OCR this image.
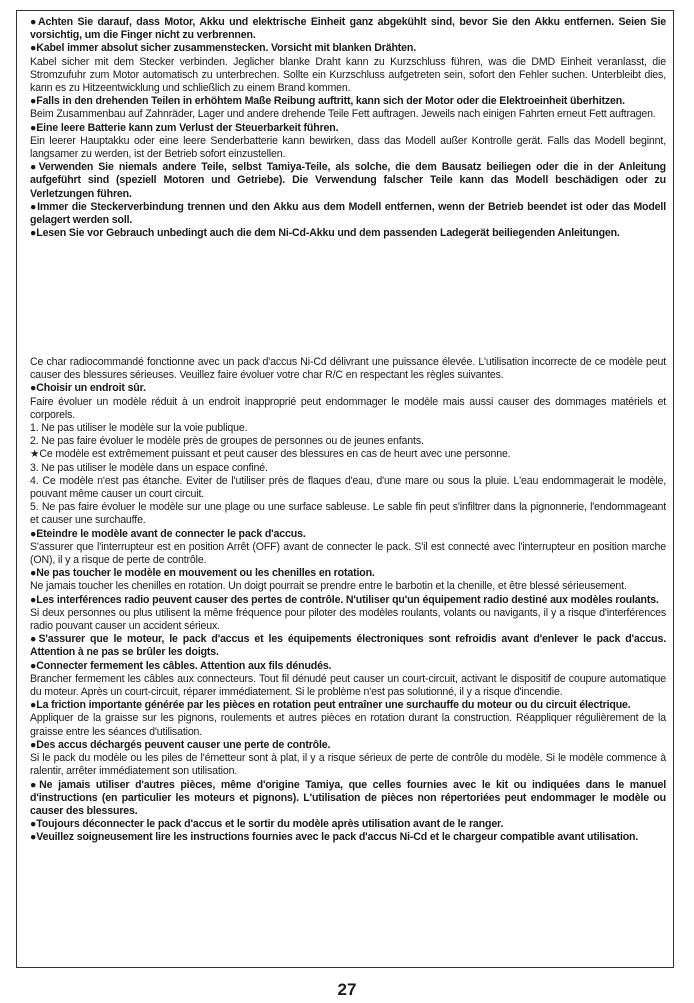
●Achten Sie darauf, dass Motor, Akku und elektrische Einheit ganz abgekühlt sind, bevor Sie den Akku entfernen. Seien Sie vorsichtig, um die Finger nicht zu verbrennen.

●Kabel immer absolut sicher zusammenstecken. Vorsicht mit blanken Drähten.

Kabel sicher mit dem Stecker verbinden. Jeglicher blanke Draht kann zu Kurzschluss führen, was die DMD Einheit veranlasst, die Stromzufuhr zum Motor automatisch zu unterbrechen. Sollte ein Kurzschluss aufgetreten sein, sofort den Fehler suchen. Unterbleibt dies, kann es zu Hitzeentwicklung und schließlich zu einem Brand kommen.

●Falls in den drehenden Teilen in erhöhtem Maße Reibung auftritt, kann sich der Motor oder die Elektroeinheit überhitzen.

Beim Zusammenbau auf Zahnräder, Lager und andere drehende Teile Fett auftragen. Jeweils nach einigen Fahrten erneut Fett auftragen.

●Eine leere Batterie kann zum Verlust der Steuerbarkeit führen.

Ein leerer Hauptakku oder eine leere Senderbatterie kann bewirken, dass das Modell außer Kontrolle gerät. Falls das Modell beginnt, langsamer zu werden, ist der Betrieb sofort einzustellen.

●Verwenden Sie niemals andere Teile, selbst Tamiya-Teile, als solche, die dem Bausatz beiliegen oder die in der Anleitung aufgeführt sind (speziell Motoren und Getriebe). Die Verwendung falscher Teile kann das Modell beschädigen oder zu Verletzungen führen.

●Immer die Steckerverbindung trennen und den Akku aus dem Modell entfernen, wenn der Betrieb beendet ist oder das Modell gelagert werden soll.

●Lesen Sie vor Gebrauch unbedingt auch die dem Ni-Cd-Akku und dem passenden Ladegerät beiliegenden Anleitungen.

Ce char radiocommandé fonctionne avec un pack d'accus Ni-Cd délivrant une puissance élevée. L'utilisation incorrecte de ce modèle peut causer des blessures sérieuses. Veuillez faire évoluer votre char R/C en respectant les règles suivantes.

●Choisir un endroit sûr.

Faire évoluer un modèle réduit à un endroit inapproprié peut endommager le modèle mais aussi causer des dommages matériels et corporels.

1. Ne pas utiliser le modèle sur la voie publique.

2. Ne pas faire évoluer le modèle près de groupes de personnes ou de jeunes enfants.

★Ce modèle est extrêmement puissant et peut causer des blessures en cas de heurt avec une personne.

3. Ne pas utiliser le modèle dans un espace confiné.

4. Ce modèle n'est pas étanche. Eviter de l'utiliser près de flaques d'eau, d'une mare ou sous la pluie. L'eau endommagerait le modèle, pouvant même causer un court circuit.

5. Ne pas faire évoluer le modèle sur une plage ou une surface sableuse. Le sable fin peut s'infiltrer dans la pignonnerie, l'endommageant et causer une surchauffe.

●Eteindre le modèle avant de connecter le pack d'accus.

S'assurer que l'interrupteur est en position Arrêt (OFF) avant de connecter le pack. S'il est connecté avec l'interrupteur en position marche (ON), il y a risque de perte de contrôle.

●Ne pas toucher le modèle en mouvement ou les chenilles en rotation.

Ne jamais toucher les chenilles en rotation. Un doigt pourrait se prendre entre le barbotin et la chenille, et être blessé sérieusement.

●Les interférences radio peuvent causer des pertes de contrôle. N'utiliser qu'un équipement radio destiné aux modèles roulants.

Si deux personnes ou plus utilisent la même fréquence pour piloter des modèles roulants, volants ou navigants, il y a risque d'interférences radio pouvant causer un accident sérieux.

●S'assurer que le moteur, le pack d'accus et les équipements électroniques sont refroidis avant d'enlever le pack d'accus. Attention à ne pas se brûler les doigts.

●Connecter fermement les câbles. Attention aux fils dénudés.

Brancher fermement les câbles aux connecteurs. Tout fil dénudé peut causer un court-circuit, activant le dispositif de coupure automatique du moteur. Après un court-circuit, réparer immédiatement. Si le problème n'est pas solutionné, il y a risque d'incendie.

●La friction importante générée par les pièces en rotation peut entraîner une surchauffe du moteur ou du circuit électrique.

Appliquer de la graisse sur les pignons, roulements et autres pièces en rotation durant la construction. Réappliquer régulièrement de la graisse entre les séances d'utilisation.

●Des accus déchargés peuvent causer une perte de contrôle.

Si le pack du modèle ou les piles de l'émetteur sont à plat, il y a risque sérieux de perte de contrôle du modèle. Si le modèle commence à ralentir, arrêter immédiatement son utilisation.

●Ne jamais utiliser d'autres pièces, même d'origine Tamiya, que celles fournies avec le kit ou indiquées dans le manuel d'instructions (en particulier les moteurs et pignons). L'utilisation de pièces non répertoriées peut endommager le modèle ou causer des blessures.

●Toujours déconnecter le pack d'accus et le sortir du modèle après utilisation avant de le ranger.

●Veuillez soigneusement lire les instructions fournies avec le pack d'accus Ni-Cd et le chargeur compatible avant utilisation.

27
